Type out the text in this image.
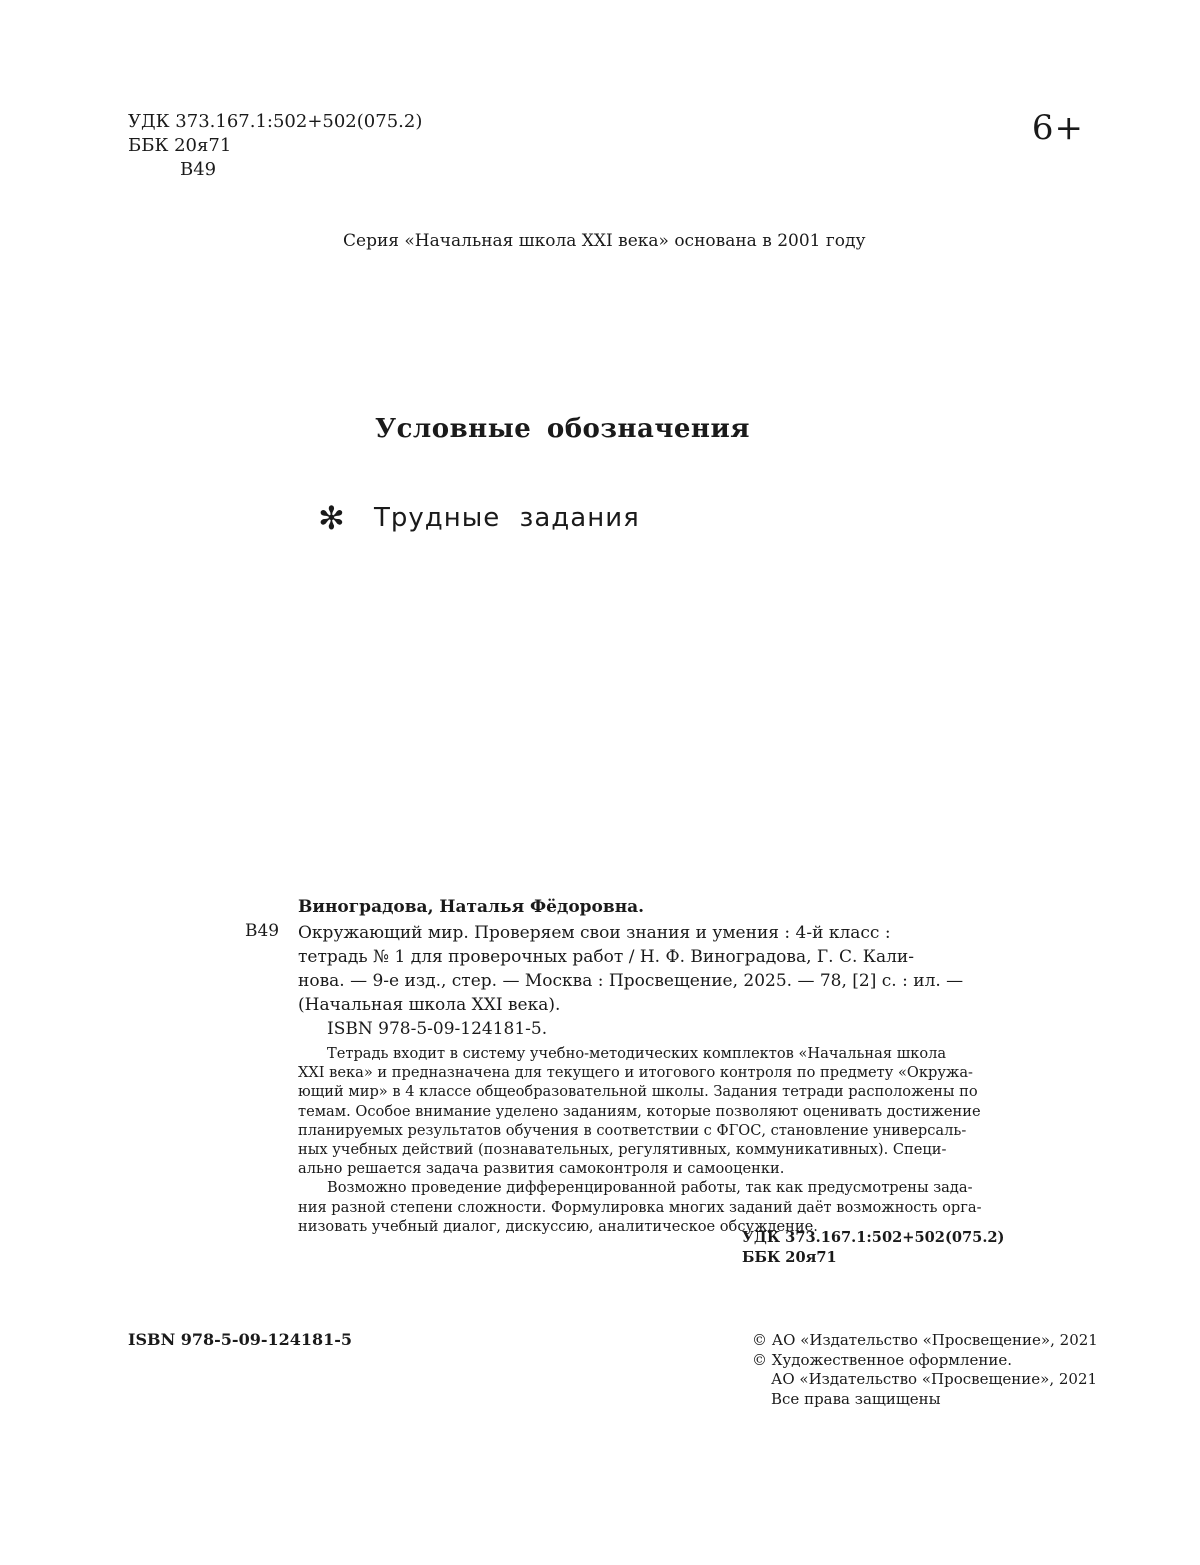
УДК 373.167.1:502+502(075.2)
ББК 20я71
В49
6+
Серия «Начальная школа XXI века» основана в 2001 году
Условные обозначения
✻ Трудные задания
Виноградова, Наталья Фёдоровна.
В49 Окружающий мир. Проверяем свои знания и умения : 4-й класс :
тетрадь № 1 для проверочных работ / Н. Ф. Виноградова, Г. С. Кали-
нова. — 9-е изд., стер. — Москва : Просвещение, 2025. — 78, [2] с. : ил. —
(Начальная школа XXI века).
ISBN 978-5-09-124181-5.
Тетрадь входит в систему учебно-методических комплектов «Начальная школа
XXI века» и предназначена для текущего и итогового контроля по предмету «Окружа-
ющий мир» в 4 классе общеобразовательной школы. Задания тетради расположены по
темам. Особое внимание уделено заданиям, которые позволяют оценивать достижение
планируемых результатов обучения в соответствии с ФГОС, становление универсаль-
ных учебных действий (познавательных, регулятивных, коммуникативных). Специ-
ально решается задача развития самоконтроля и самооценки.
Возможно проведение дифференцированной работы, так как предусмотрены зада-
ния разной степени сложности. Формулировка многих заданий даёт возможность орга-
низовать учебный диалог, дискуссию, аналитическое обсуждение.
УДК 373.167.1:502+502(075.2)
ББК 20я71
ISBN 978-5-09-124181-5	© АО «Издательство «Просвещение», 2021
© Художественное оформление.
АО «Издательство «Просвещение», 2021
Все права защищены
